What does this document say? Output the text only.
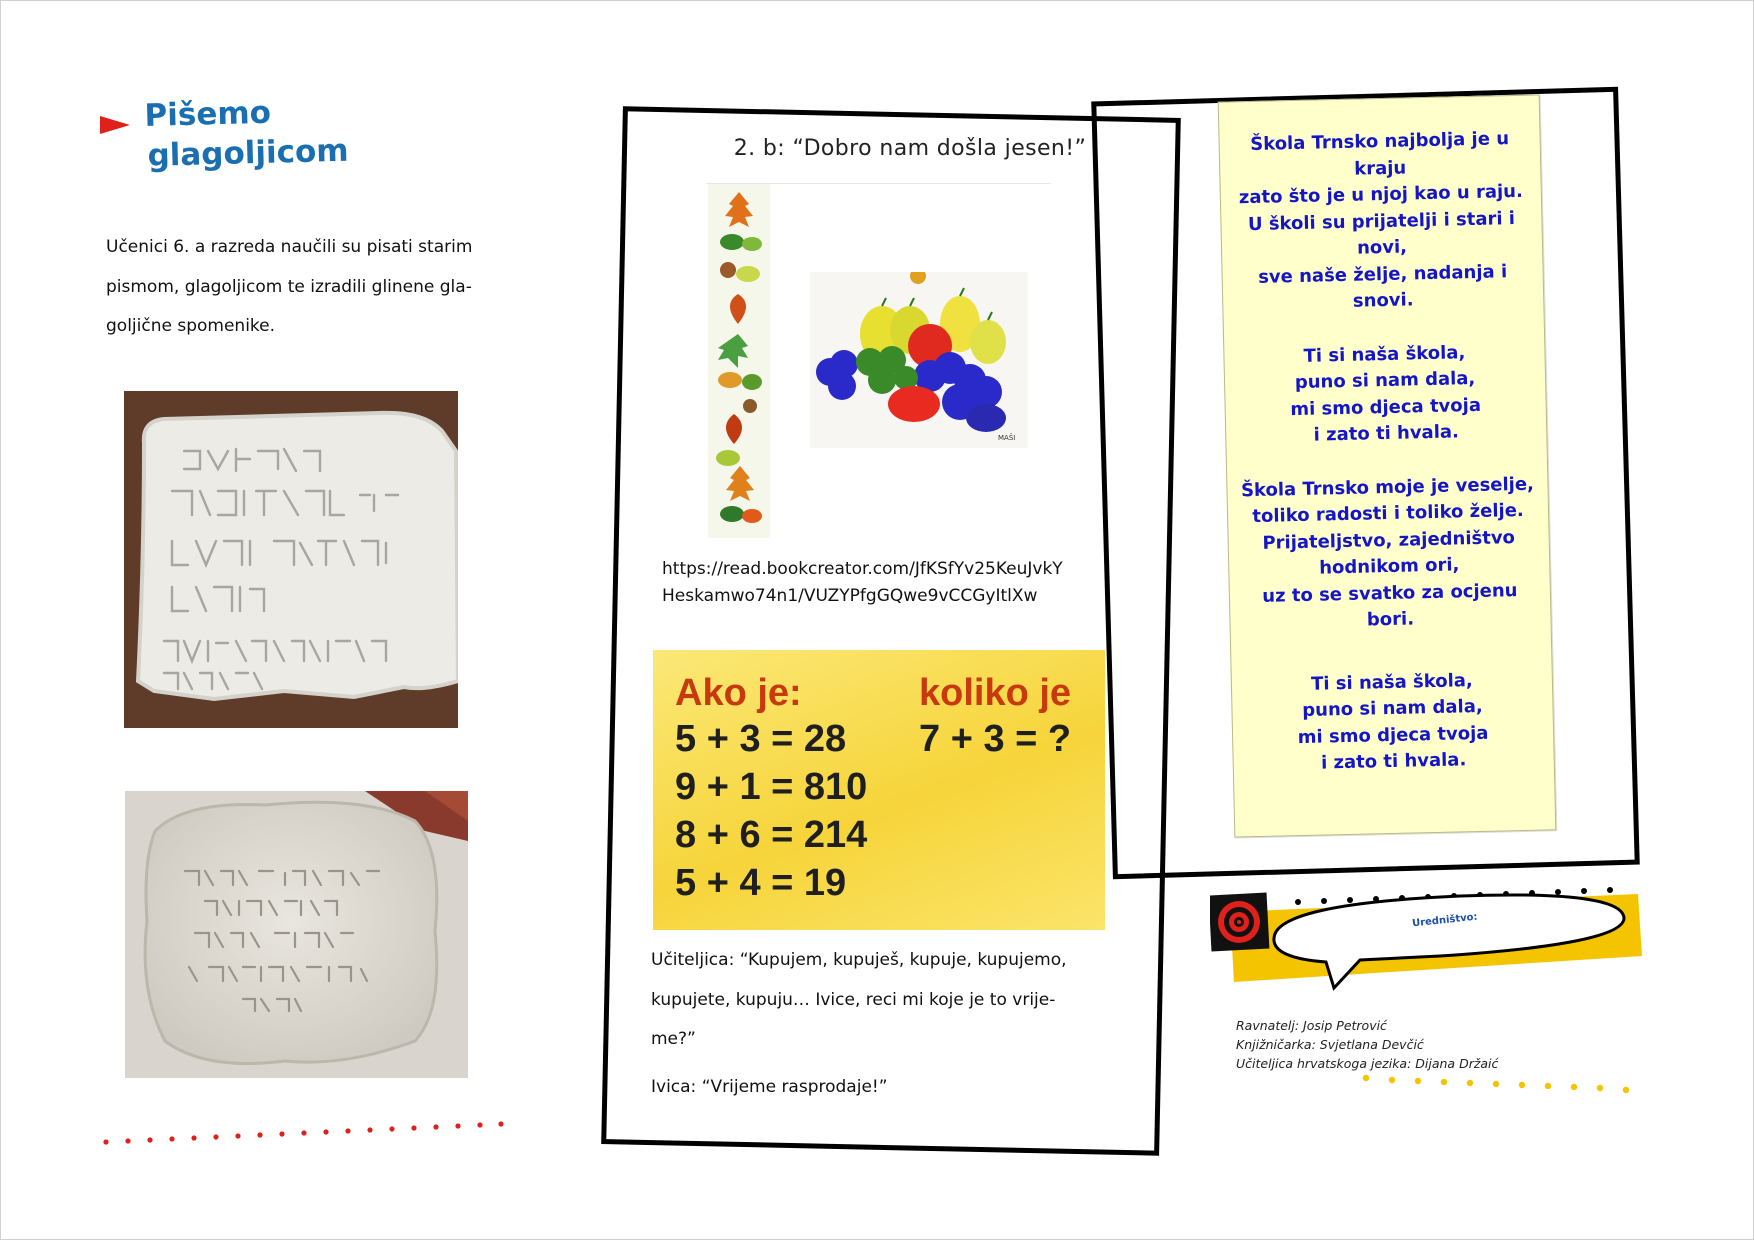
Pišemo
glagoljicom
Učenici 6. a razreda naučili su pisati starim
pismom, glagoljicom te izradili glinene gla-
goljične spomenike.
2. b: “Dobro nam došla jesen!”
MAŠI
https://read.bookcreator.com/JfKSfYv25KeuJvkY
Heskamwo74n1/VUZYPfgGQwe9vCCGyItlXw
Ako je:
5 + 3 = 28
9 + 1 = 810
8 + 6 = 214
5 + 4 = 19
koliko je
7 + 3 = ?
Učiteljica: “Kupujem, kupuješ, kupuje, kupujemo,
kupujete, kupuju… Ivice, reci mi koje je to vrije-
me?”
Ivica: “Vrijeme rasprodaje!”
Škola Trnsko najbolja je u
kraju
zato što je u njoj kao u raju.
U školi su prijatelji i stari i
novi,
sve naše želje, nadanja i
snovi.
Ti si naša škola,
puno si nam dala,
mi smo djeca tvoja
i zato ti hvala.
Škola Trnsko moje je veselje,
toliko radosti i toliko želje.
Prijateljstvo, zajedništvo
hodnikom ori,
uz to se svatko za ocjenu
bori.
Ti si naša škola,
puno si nam dala,
mi smo djeca tvoja
i zato ti hvala.
Uredništvo:
Ravnatelj: Josip Petrović
Knjižničarka: Svjetlana Devčić
Učiteljica hrvatskoga jezika: Dijana Držaić
